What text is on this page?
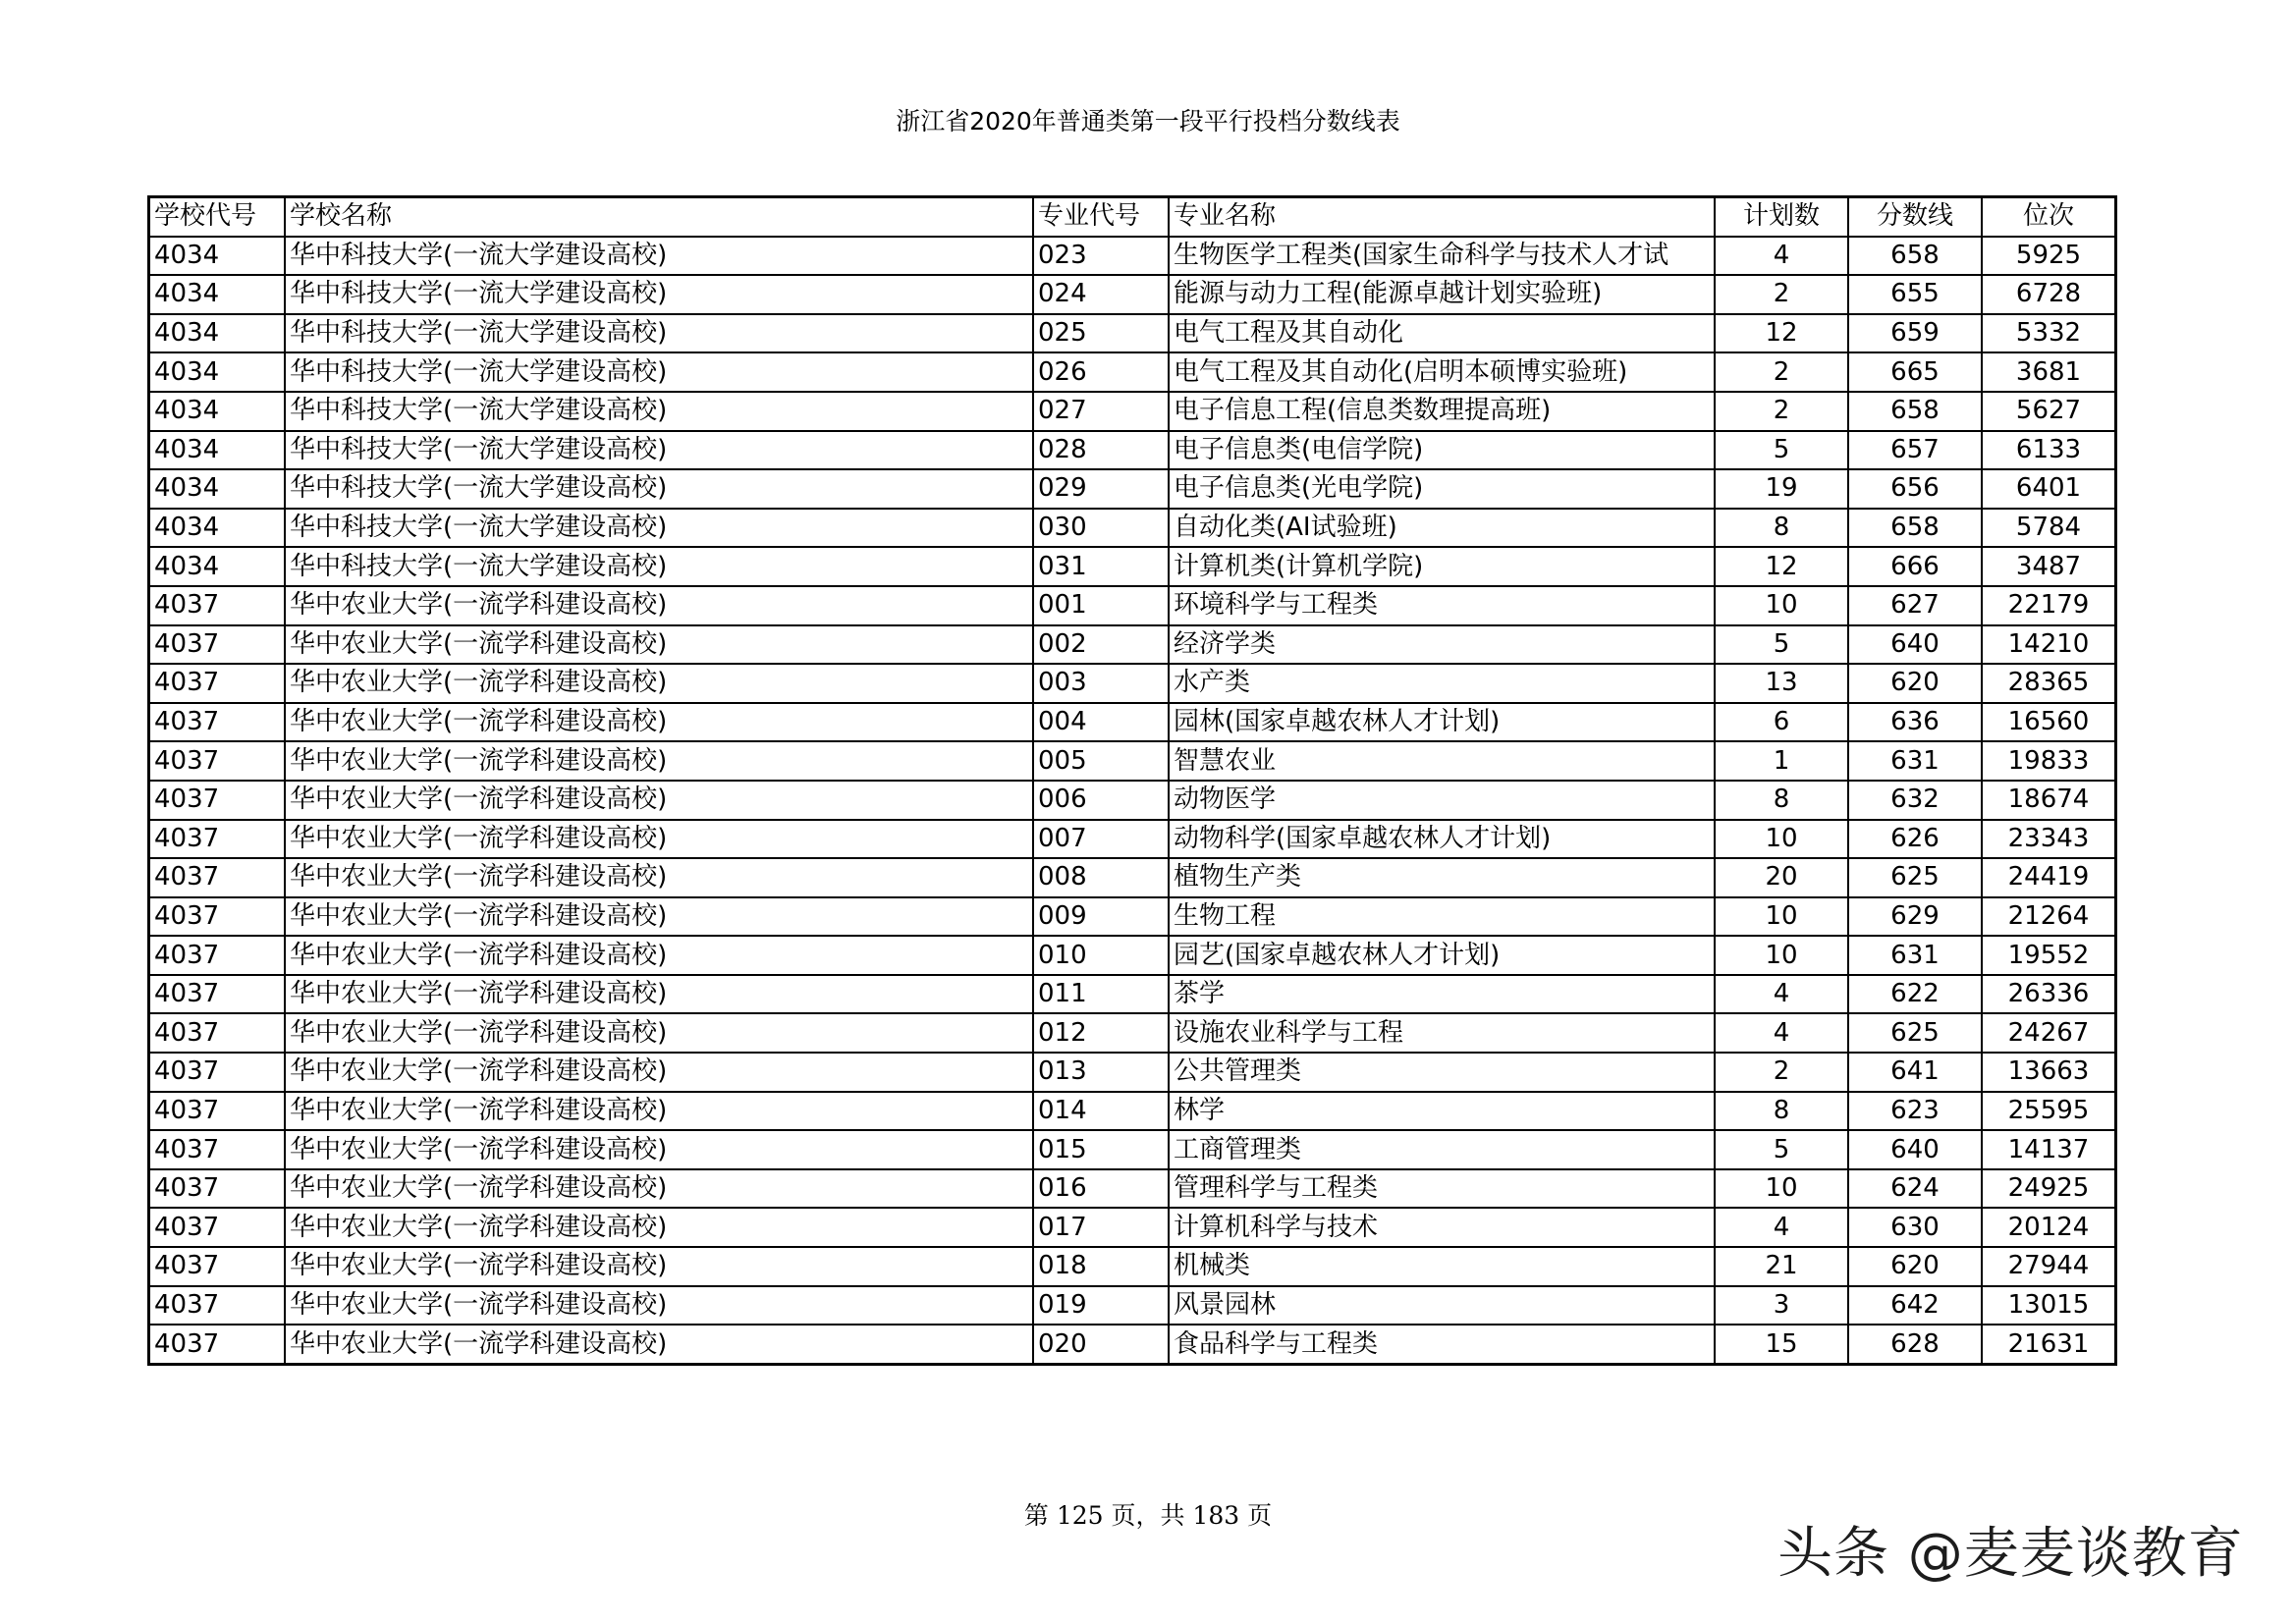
浙江省2020年普通类第一段平行投档分数线表
学校代号	学校名称	专业代号	专业名称	计划数	分数线	位次
4034	华中科技大学(一流大学建设高校)	023	生物医学工程类(国家生命科学与技术人才试	4	658	5925
4034	华中科技大学(一流大学建设高校)	024	能源与动力工程(能源卓越计划实验班)	2	655	6728
4034	华中科技大学(一流大学建设高校)	025	电气工程及其自动化	12	659	5332
4034	华中科技大学(一流大学建设高校)	026	电气工程及其自动化(启明本硕博实验班)	2	665	3681
4034	华中科技大学(一流大学建设高校)	027	电子信息工程(信息类数理提高班)	2	658	5627
4034	华中科技大学(一流大学建设高校)	028	电子信息类(电信学院)	5	657	6133
4034	华中科技大学(一流大学建设高校)	029	电子信息类(光电学院)	19	656	6401
4034	华中科技大学(一流大学建设高校)	030	自动化类(AI试验班)	8	658	5784
4034	华中科技大学(一流大学建设高校)	031	计算机类(计算机学院)	12	666	3487
4037	华中农业大学(一流学科建设高校)	001	环境科学与工程类	10	627	22179
4037	华中农业大学(一流学科建设高校)	002	经济学类	5	640	14210
4037	华中农业大学(一流学科建设高校)	003	水产类	13	620	28365
4037	华中农业大学(一流学科建设高校)	004	园林(国家卓越农林人才计划)	6	636	16560
4037	华中农业大学(一流学科建设高校)	005	智慧农业	1	631	19833
4037	华中农业大学(一流学科建设高校)	006	动物医学	8	632	18674
4037	华中农业大学(一流学科建设高校)	007	动物科学(国家卓越农林人才计划)	10	626	23343
4037	华中农业大学(一流学科建设高校)	008	植物生产类	20	625	24419
4037	华中农业大学(一流学科建设高校)	009	生物工程	10	629	21264
4037	华中农业大学(一流学科建设高校)	010	园艺(国家卓越农林人才计划)	10	631	19552
4037	华中农业大学(一流学科建设高校)	011	茶学	4	622	26336
4037	华中农业大学(一流学科建设高校)	012	设施农业科学与工程	4	625	24267
4037	华中农业大学(一流学科建设高校)	013	公共管理类	2	641	13663
4037	华中农业大学(一流学科建设高校)	014	林学	8	623	25595
4037	华中农业大学(一流学科建设高校)	015	工商管理类	5	640	14137
4037	华中农业大学(一流学科建设高校)	016	管理科学与工程类	10	624	24925
4037	华中农业大学(一流学科建设高校)	017	计算机科学与技术	4	630	20124
4037	华中农业大学(一流学科建设高校)	018	机械类	21	620	27944
4037	华中农业大学(一流学科建设高校)	019	风景园林	3	642	13015
4037	华中农业大学(一流学科建设高校)	020	食品科学与工程类	15	628	21631
第 125 页，共 183 页
头条 @麦麦谈教育
